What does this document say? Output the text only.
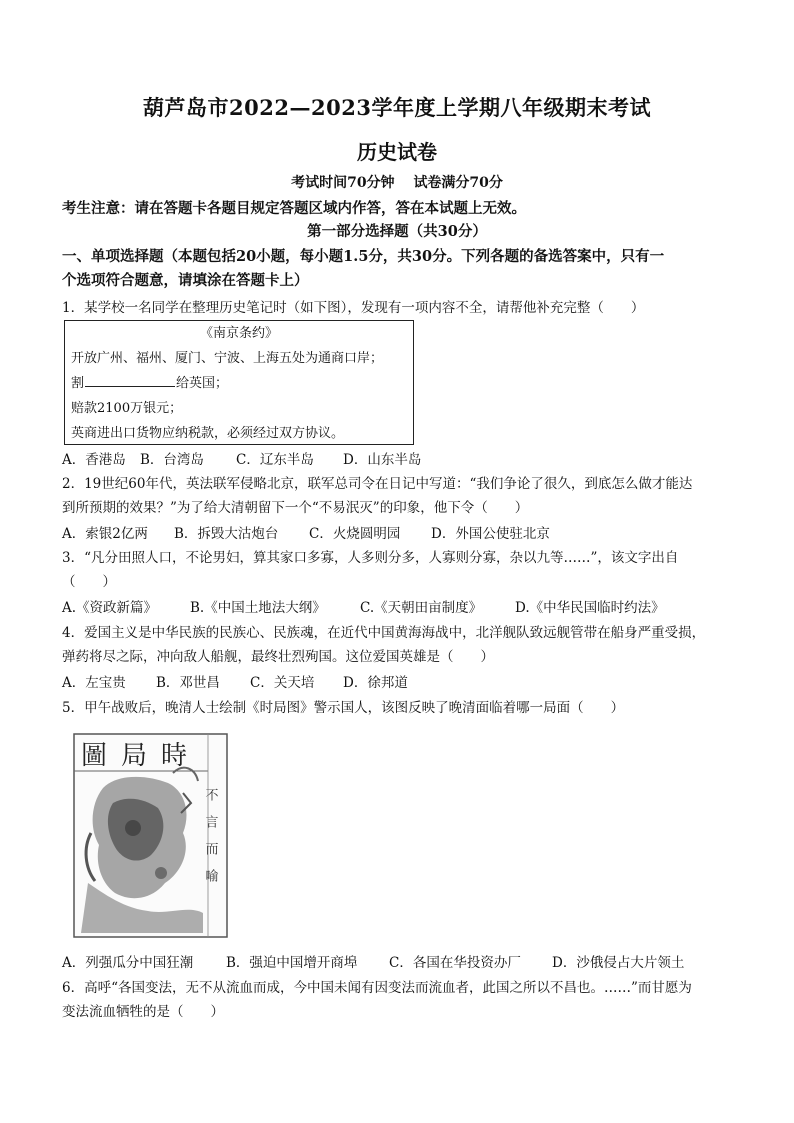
葫芦岛市2022—2023学年度上学期八年级期末考试
历史试卷
考试时间70分钟 试卷满分70分
考生注意：请在答题卡各题目规定答题区域内作答，答在本试题上无效。
第一部分选择题（共30分）
一、单项选择题（本题包括20小题，每小题1.5分，共30分。下列各题的备选答案中，只有一
个选项符合题意，请填涂在答题卡上）
1．某学校一名同学在整理历史笔记时（如下图），发现有一项内容不全，请帮他补充完整（　　）
《南京条约》
开放广州、福州、厦门、宁波、上海五处为通商口岸；
割	给英国；
赔款2100万银元；
英商进出口货物应纳税款，必须经过双方协议。
A．香港岛 B．台湾岛 C．辽东半岛 D．山东半岛
2．19世纪60年代，英法联军侵略北京，联军总司令在日记中写道：“我们争论了很久，到底怎么做才能达
到所预期的效果？”为了给大清朝留下一个“不易泯灭”的印象，他下令（　　）
A．索银2亿两 B．拆毁大沽炮台 C．火烧圆明园 D．外国公使驻北京
3．“凡分田照人口，不论男妇，算其家口多寡，人多则分多，人寡则分寡，杂以九等……”，该文字出自
（　　）
A.《资政新篇》 B.《中国土地法大纲》	C.《天朝田亩制度》 D.《中华民国临时约法》
4．爱国主义是中华民族的民族心、民族魂，在近代中国黄海海战中，北洋舰队致远舰管带在船身严重受损，
弹药将尽之际，冲向敌人船舰，最终壮烈殉国。这位爱国英雄是（　　）
A．左宝贵 B．邓世昌 C．关天培 D．徐邦道
5．甲午战败后，晚清人士绘制《时局图》警示国人，该图反映了晚清面临着哪一局面（　　）
圖局時
不言而喻
A．列强瓜分中国狂潮 B．强迫中国增开商埠 C．各国在华投资办厂 D．沙俄侵占大片领土
6．高呼“各国变法，无不从流血而成，今中国未闻有因变法而流血者，此国之所以不昌也。……”而甘愿为
变法流血牺牲的是（　　）
